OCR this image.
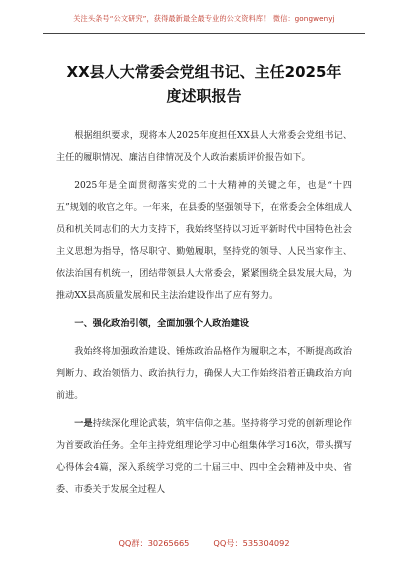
关注头条号“公文研究”，获得最新最全最专业的公文资料库！ 微信：gongwenyj
XX县人大常委会党组书记、主任2025年
度述职报告

根据组织要求，现将本人2025年度担任XX县人大常委会党组书记、主任的履职情况、廉洁自律情况及个人政治素质评价报告如下。

2025年是全面贯彻落实党的二十大精神的关键之年，也是“十四五”规划的收官之年。一年来，在县委的坚强领导下，在常委会全体组成人员和机关同志们的大力支持下，我始终坚持以习近平新时代中国特色社会主义思想为指导，恪尽职守、勤勉履职，坚持党的领导、人民当家作主、依法治国有机统一，团结带领县人大常委会，紧紧围绕全县发展大局，为推动XX县高质量发展和民主法治建设作出了应有努力。

一、强化政治引领，全面加强个人政治建设

我始终将加强政治建设、锤炼政治品格作为履职之本，不断提高政治判断力、政治领悟力、政治执行力，确保人大工作始终沿着正确政治方向前进。

一是持续深化理论武装，筑牢信仰之基。坚持将学习党的创新理论作为首要政治任务。全年主持党组理论学习中心组集体学习16次，带头撰写心得体会4篇，深入系统学习党的二十届三中、四中全会精神及中央、省委、市委关于发展全过程人

QQ群：30265665	QQ号：535304092
